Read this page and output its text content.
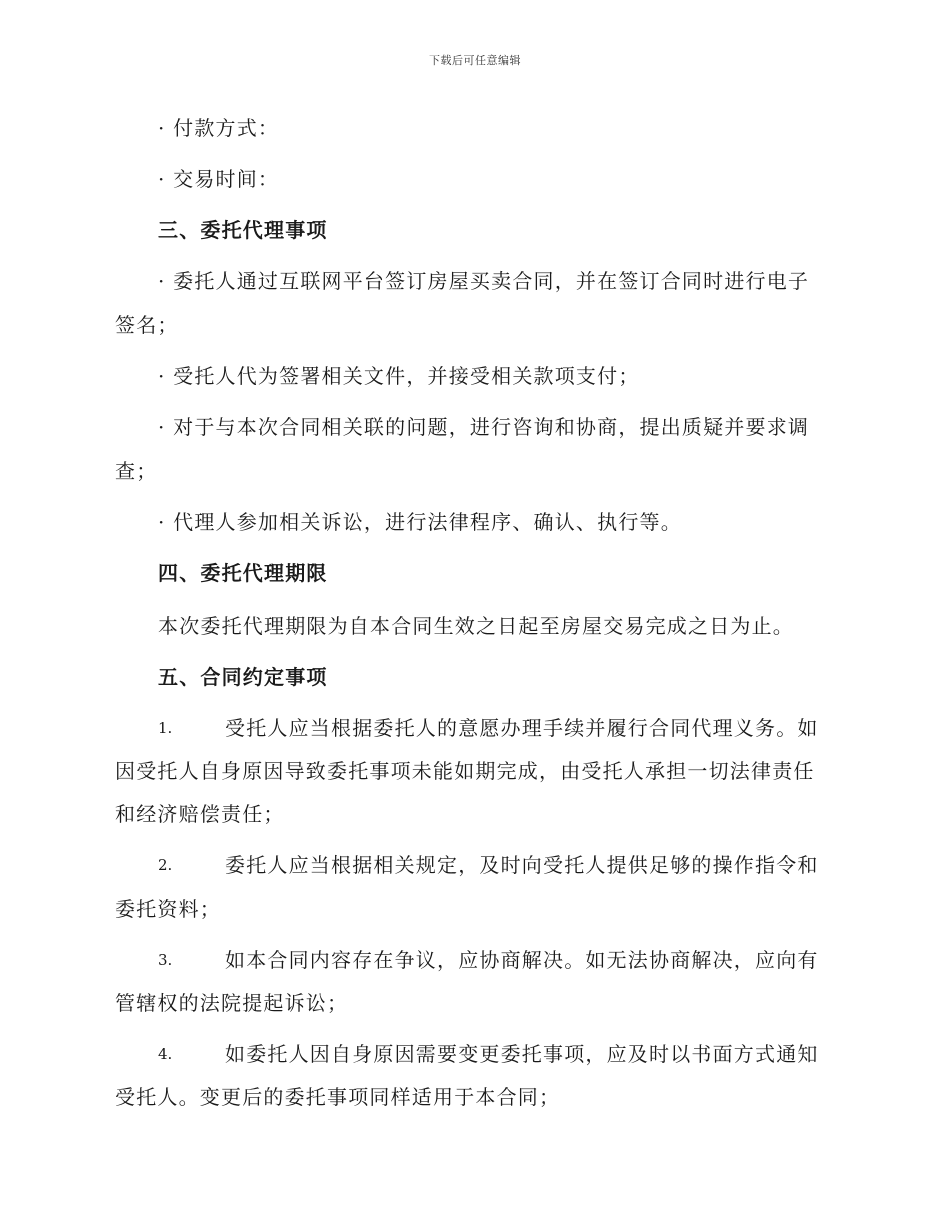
下载后可任意编辑
· 付款方式：
· 交易时间：
三、委托代理事项
· 委托人通过互联网平台签订房屋买卖合同，并在签订合同时进行电子
签名；
· 受托人代为签署相关文件，并接受相关款项支付；
· 对于与本次合同相关联的问题，进行咨询和协商，提出质疑并要求调
查；
· 代理人参加相关诉讼，进行法律程序、确认、执行等。
四、委托代理期限
本次委托代理期限为自本合同生效之日起至房屋交易完成之日为止。
五、合同约定事项
1.	受托人应当根据委托人的意愿办理手续并履行合同代理义务。如
因受托人自身原因导致委托事项未能如期完成，由受托人承担一切法律责任
和经济赔偿责任；
2.	委托人应当根据相关规定，及时向受托人提供足够的操作指令和
委托资料；
3.	如本合同内容存在争议，应协商解决。如无法协商解决，应向有
管辖权的法院提起诉讼；
4.	如委托人因自身原因需要变更委托事项，应及时以书面方式通知
受托人。变更后的委托事项同样适用于本合同；
